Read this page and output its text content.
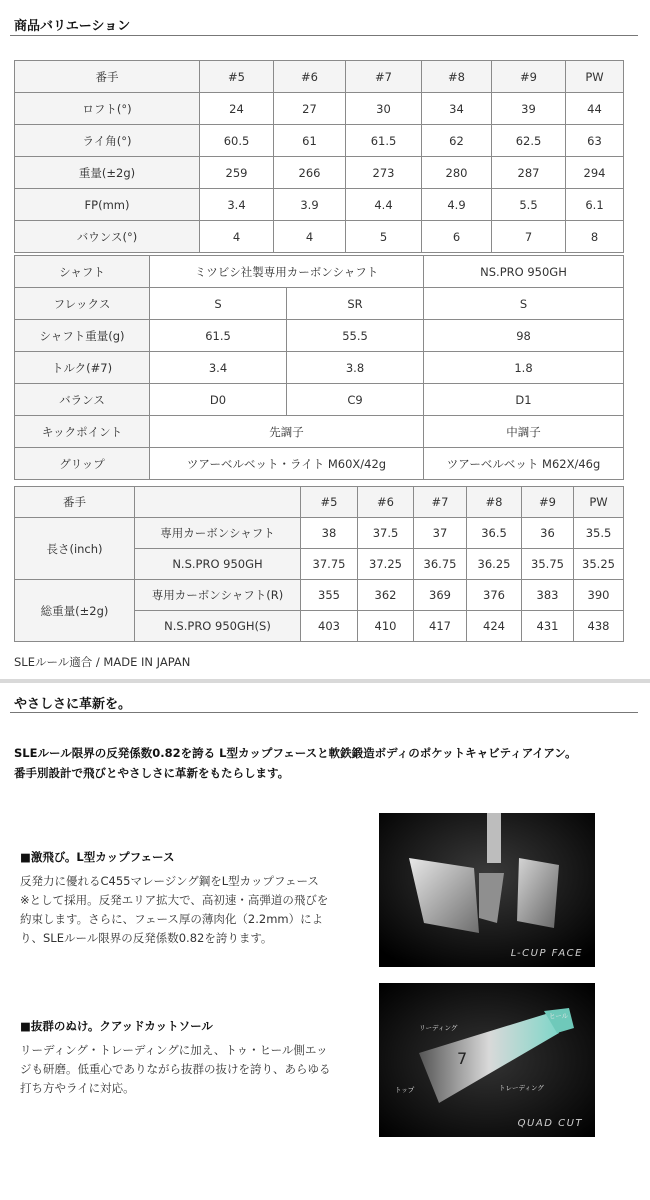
商品バリエーション
番手	#5	#6	#7	#8	#9	PW
ロフト(°)	24	27	30	34	39	44
ライ角(°)	60.5	61	61.5	62	62.5	63
重量(±2g)	259	266	273	280	287	294
FP(mm)	3.4	3.9	4.4	4.9	5.5	6.1
バウンス(°)	4	4	5	6	7	8
シャフト	ミツビシ社製専用カーボンシャフト		NS.PRO 950GH
フレックス	S	SR	S
シャフト重量(g)	61.5	55.5	98
トルク(#7)	3.4	3.8	1.8
バランス	D0	C9	D1
キックポイント	先調子		中調子
グリップ	ツアーベルベット・ライト M60X/42g		ツアーベルベット M62X/46g
番手		#5	#6	#7	#8	#9	PW
長さ(inch)	専用カーボンシャフト	38	37.5	37	36.5	36	35.5
	N.S.PRO 950GH	37.75	37.25	36.75	36.25	35.75	35.25
総重量(±2g)	専用カーボンシャフト(R)	355	362	369	376	383	390
	N.S.PRO 950GH(S)	403	410	417	424	431	438
SLEルール適合 / MADE IN JAPAN
やさしさに革新を。
SLEルール限界の反発係数0.82を誇る L型カップフェースと軟鉄鍛造ボディのポケットキャビティアイアン。
番手別設計で飛びとやさしさに革新をもたらします。
■激飛び。L型カップフェース
反発力に優れるC455マレージング鋼をL型カップフェース
※として採用。反発エリア拡大で、高初速・高弾道の飛びを
約束します。さらに、フェース厚の薄肉化（2.2mm）によ
り、SLEルール限界の反発係数0.82を誇ります。
L-CUP FACE
■抜群のぬけ。クアッドカットソール
リーディング・トレーディングに加え、トゥ・ヒール側エッ
ジも研磨。低重心でありながら抜群の抜けを誇り、あらゆる
打ち方やライに対応。
ヒール
リーディング
トップ	トレーディング
7
QUAD CUT
